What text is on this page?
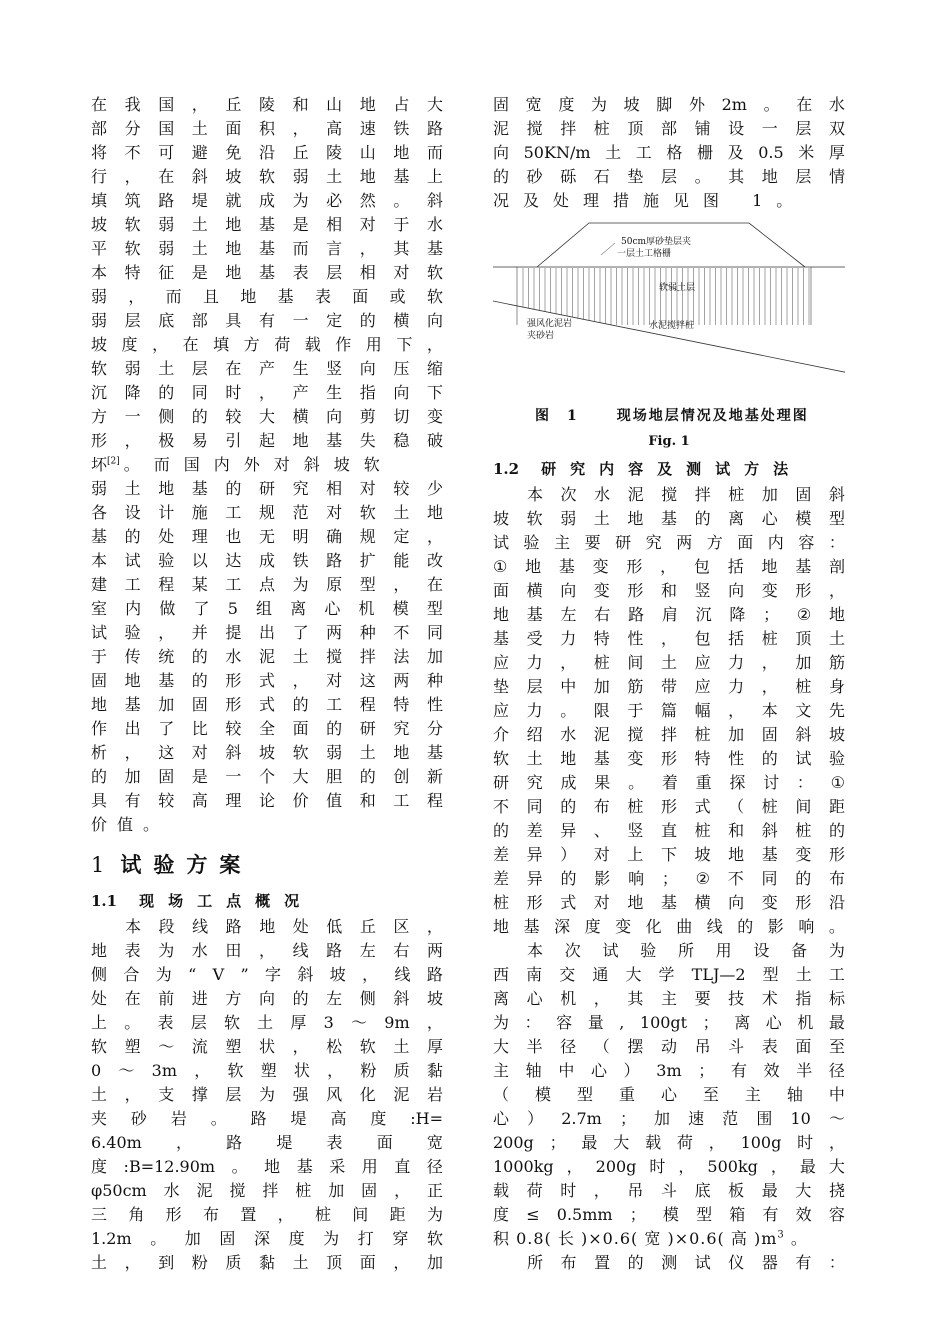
在 我 国 ， 丘 陵 和 山 地 占 大
部 分 国 土 面 积 ， 高 速 铁 路
将 不 可 避 免 沿 丘 陵 山 地 而
行 ， 在 斜 坡 软 弱 土 地 基 上
填 筑 路 堤 就 成 为 必 然 。 斜
坡 软 弱 土 地 基 是 相 对 于 水
平 软 弱 土 地 基 而 言 ， 其 基
本 特 征 是 地 基 表 层 相 对 软
弱 ， 而 且 地 基 表 面 或 软
弱 层 底 部 具 有 一 定 的 横 向
坡 度 ， 在 填 方 荷 载 作 用 下 ，
软 弱 土 层 在 产 生 竖 向 压 缩
沉 降 的 同 时 ， 产 生 指 向 下
方 一 侧 的 较 大 横 向 剪 切 变
形 ， 极 易 引 起 地 基 失 稳 破
坏[2] 。而国内外对斜坡软
弱 土 地 基 的 研 究 相 对 较 少
各 设 计 施 工 规 范 对 软 土 地
基 的 处 理 也 无 明 确 规 定 ，
本 试 验 以 达 成 铁 路 扩 能 改
建 工 程 某 工 点 为 原 型 ， 在
室 内 做 了 5 组 离 心 机 模 型
试 验 ， 并 提 出 了 两 种 不 同
于 传 统 的 水 泥 土 搅 拌 法 加
固 地 基 的 形 式 ， 对 这 两 种
地 基 加 固 形 式 的 工 程 特 性
作 出 了 比 较 全 面 的 研 究 分
析 ， 这 对 斜 坡 软 弱 土 地 基
的 加 固 是 一 个 大 胆 的 创 新
具 有 较 高 理 论 价 值 和 工 程
价值。
1 试验方案
1.1 现场工点概况
本 段 线 路 地 处 低 丘 区 ，
地 表 为 水 田 ， 线 路 左 右 两
侧 合 为 “ V ” 字 斜 坡 ， 线 路
处 在 前 进 方 向 的 左 侧 斜 坡
上 。 表 层 软 土 厚 3 ～ 9m ，
软 塑 ～ 流 塑 状 ， 松 软 土 厚
0 ～ 3m ， 软 塑 状 ， 粉 质 黏
土 ， 支 撑 层 为 强 风 化 泥 岩
夹 砂 岩 。 路 堤 高 度 :H=
6.40m ， 路 堤 表 面 宽
度 :B=12.90m 。 地 基 采 用 直 径
φ50cm 水 泥 搅 拌 桩 加 固 ， 正
三 角 形 布 置 ， 桩 间 距 为
1.2m 。 加 固 深 度 为 打 穿 软
土 ， 到 粉 质 黏 土 顶 面 ， 加
固 宽 度 为 坡 脚 外 2m 。 在 水
泥 搅 拌 桩 顶 部 铺 设 一 层 双
向 50KN/m 土 工 格 栅 及 0.5 米 厚
的 砂 砾 石 垫 层 。 其 地 层 情
况及处理措施见图 1。
50cm厚砂垫层夹
一层土工格栅
软弱土层
强风化泥岩
夹砂岩
水泥搅拌桩
图 1	现场地层情况及地基处理图
Fig. 1
1.2 研究内容及测试方法
本 次 水 泥 搅 拌 桩 加 固 斜
坡 软 弱 土 地 基 的 离 心 模 型
试 验 主 要 研 究 两 方 面 内 容 ：
① 地 基 变 形 ， 包 括 地 基 剖
面 横 向 变 形 和 竖 向 变 形 ，
地 基 左 右 路 肩 沉 降 ； ② 地
基 受 力 特 性 ， 包 括 桩 顶 土
应 力 ， 桩 间 土 应 力 ， 加 筋
垫 层 中 加 筋 带 应 力 ， 桩 身
应 力 。 限 于 篇 幅 ， 本 文 先
介 绍 水 泥 搅 拌 桩 加 固 斜 坡
软 土 地 基 变 形 特 性 的 试 验
研 究 成 果 。 着 重 探 讨 ： ①
不 同 的 布 桩 形 式 （ 桩 间 距
的 差 异 、 竖 直 桩 和 斜 桩 的
差 异 ） 对 上 下 坡 地 基 变 形
差 异 的 影 响 ； ② 不 同 的 布
桩 形 式 对 地 基 横 向 变 形 沿
地 基 深 度 变 化 曲 线 的 影 响 。
本 次 试 验 所 用 设 备 为
西 南 交 通 大 学 TLJ—2 型 土 工
离 心 机 ， 其 主 要 技 术 指 标
为 ： 容 量 , 100gt ； 离 心 机 最
大 半 径 （ 摆 动 吊 斗 表 面 至
主 轴 中 心 ） 3m ； 有 效 半 径
（ 模 型 重 心 至 主 轴 中
心 ） 2.7m ； 加 速 范 围 10 ～
200g ； 最 大 载 荷 ， 100g 时 ，
1000kg ， 200g 时 ， 500kg ， 最 大
载 荷 时 ， 吊 斗 底 板 最 大 挠
度 ≤ 0.5mm ； 模 型 箱 有 效 容
积 0.8( 长 )×0.6( 宽 )×0.6( 高 )$m^3$ 。
所 布 置 的 测 试 仪 器 有 ：
